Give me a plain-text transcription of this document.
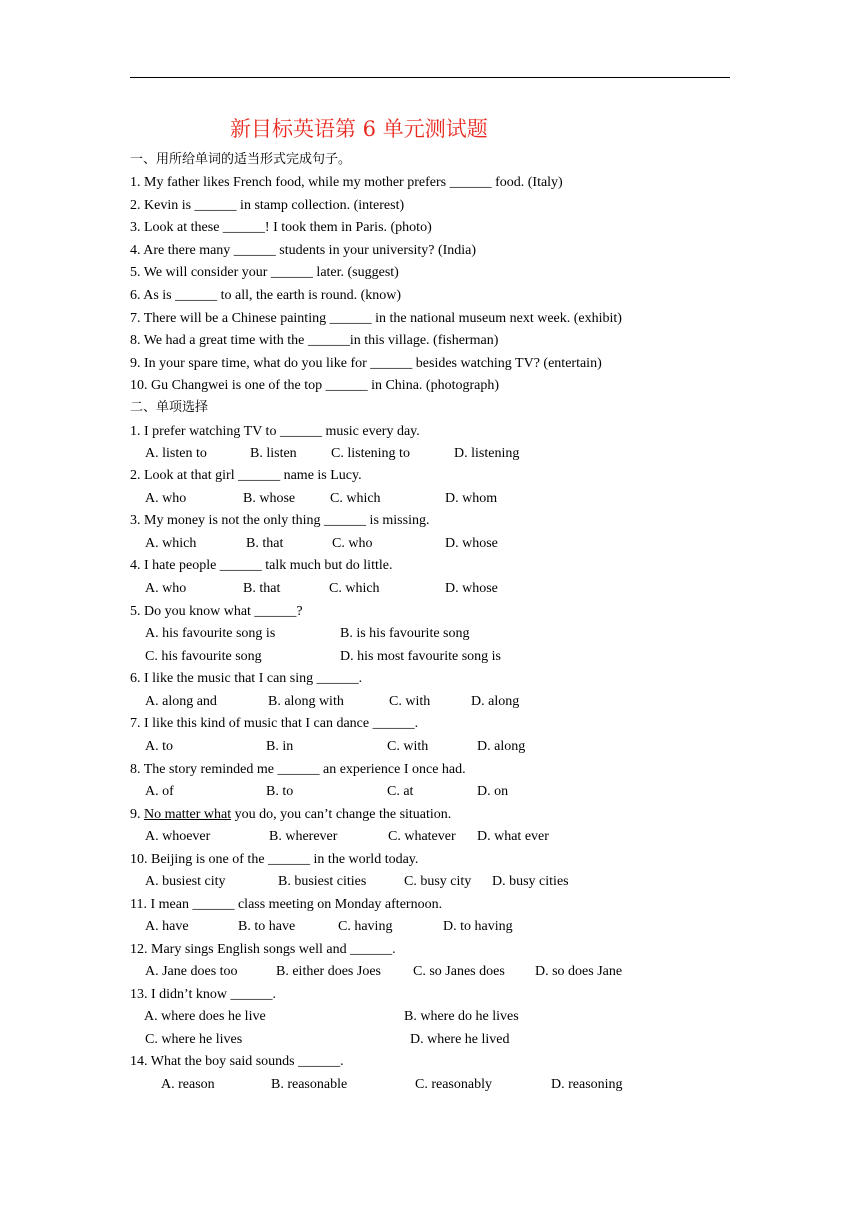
新目标英语第 6 单元测试题
一、用所给单词的适当形式完成句子。
1. My father likes French food, while my mother prefers ______ food. (Italy)
2. Kevin is ______ in stamp collection. (interest)
3. Look at these ______! I took them in Paris. (photo)
4. Are there many ______ students in your university? (India)
5. We will consider your ______ later. (suggest)
6. As is ______ to all, the earth is round. (know)
7. There will be a Chinese painting ______ in the national museum next week. (exhibit)
8. We had a great time with the ______in this village. (fisherman)
9. In your spare time, what do you like for ______ besides watching TV? (entertain)
10. Gu Changwei is one of the top ______ in China. (photograph)
二、单项选择
1. I prefer watching TV to ______ music every day.
A. listen to	B. listen C. listening to	D. listening
2. Look at that girl ______ name is Lucy.
A. who	B. whose C. which	D. whom
3. My money is not the only thing ______ is missing.
A. which	B. that	C. who	D. whose
4. I hate people ______ talk much but do little.
A. who	B. that	C. which	D. whose
5. Do you know what ______?
A. his favourite song is	B. is his favourite song
C. his favourite song	D. his most favourite song is
6. I like the music that I can sing ______.
A. along and	B. along with	C. with	D. along
7. I like this kind of music that I can dance ______.
A. to	B. in	C. with	D. along
8. The story reminded me ______ an experience I once had.
A. of	B. to	C. at	D. on
9. No matter what you do, you can’t change the situation.
A. whoever	B. wherever	C. whatever D. what ever
10. Beijing is one of the ______ in the world today.
A. busiest city	B. busiest cities	C. busy city D. busy cities
11. I mean ______ class meeting on Monday afternoon.
A. have	B. to have	C. having	D. to having
12. Mary sings English songs well and ______.
A. Jane does too	B. either does Joes C. so Janes does D. so does Jane
13. I didn’t know ______.
A. where does he live	B. where do he lives
C. where he lives	D. where he lived
14. What the boy said sounds ______.
A. reason	B. reasonable	C. reasonably	D. reasoning
